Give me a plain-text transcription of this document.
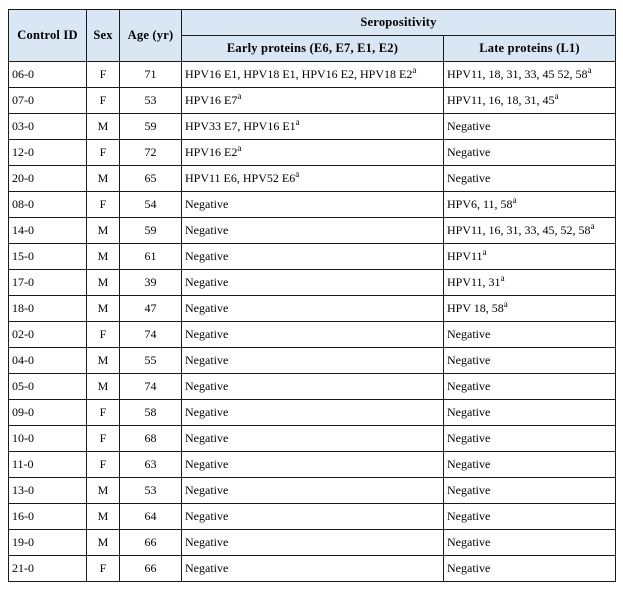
Control ID	Sex	Age (yr)	Seropositivity	
			Early proteins (E6, E7, E1, E2)	Late proteins (L1)
06-0	F	71	HPV16 E1, HPV18 E1, HPV16 E2, HPV18 E2$^a$	HPV11, 18, 31, 33, 45 52, 58$^a$
07-0	F	53	HPV16 E7$^a$	HPV11, 16, 18, 31, 45$^a$
03-0	M	59	HPV33 E7, HPV16 E1$^a$	Negative
12-0	F	72	HPV16 E2$^a$	Negative
20-0	M	65	HPV11 E6, HPV52 E6$^a$	Negative
08-0	F	54	Negative	HPV6, 11, 58$^a$
14-0	M	59	Negative	HPV11, 16, 31, 33, 45, 52, 58$^a$
15-0	M	61	Negative	HPV11$^a$
17-0	M	39	Negative	HPV11, 31$^a$
18-0	M	47	Negative	HPV 18, 58$^a$
02-0	F	74	Negative	Negative
04-0	M	55	Negative	Negative
05-0	M	74	Negative	Negative
09-0	F	58	Negative	Negative
10-0	F	68	Negative	Negative
11-0	F	63	Negative	Negative
13-0	M	53	Negative	Negative
16-0	M	64	Negative	Negative
19-0	M	66	Negative	Negative
21-0	F	66	Negative	Negative
